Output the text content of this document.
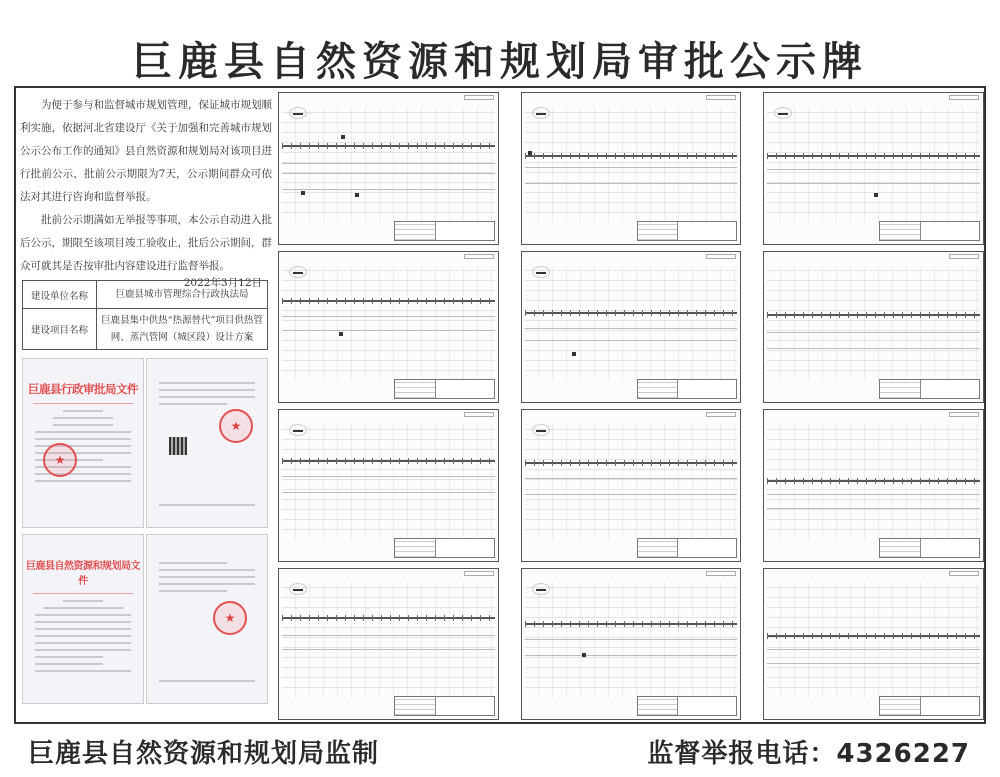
巨鹿县自然资源和规划局审批公示牌

为便于参与和监督城市规划管理，保证城市规划顺利实施，依据河北省建设厅《关于加强和完善城市规划公示公布工作的通知》县自然资源和规划局对该项目进行批前公示，批前公示期限为7天，公示期间群众可依法对其进行咨询和监督举报。

批前公示期满如无举报等事项，本公示自动进入批后公示，期限至该项目竣工验收止，批后公示期间，群众可就其是否按审批内容建设进行监督举报。

2022年3月12日
建设单位名称	巨鹿县城市管理综合行政执法局
建设项目名称	巨鹿县集中供热“热源替代”项目供热管网、蒸汽管网（城区段）设计方案
巨鹿县行政审批局文件
★
★
巨鹿县自然资源和规划局文件
★
巨鹿县自然资源和规划局监制	监督举报电话：4326227
